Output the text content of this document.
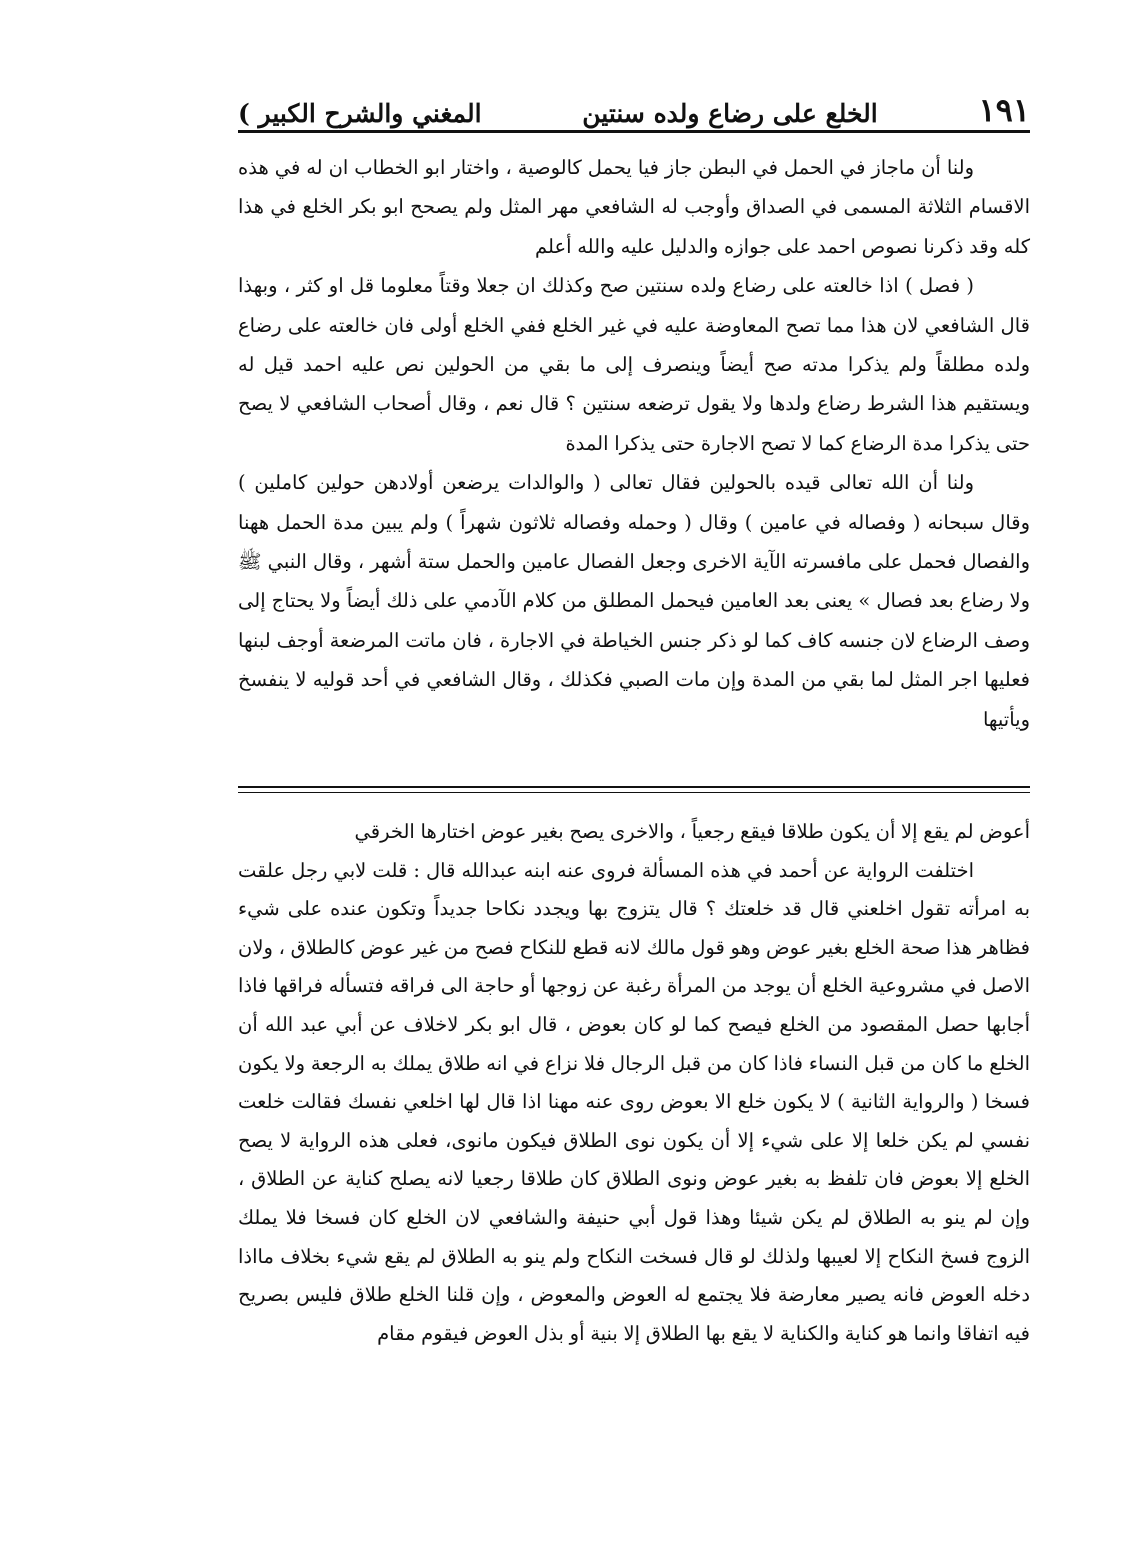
المغني والشرح الكبير )	الخلع على رضاع ولده سنتين	١٩١

ولنا أن ماجاز في الحمل في البطن جاز فيا يحمل كالوصية ، واختار ابو الخطاب ان له في هذه الاقسام الثلاثة المسمى في الصداق وأوجب له الشافعي مهر المثل ولم يصحح ابو بكر الخلع في هذا كله وقد ذكرنا نصوص احمد على جوازه والدليل عليه والله أعلم

( فصل ) اذا خالعته على رضاع ولده سنتين صح وكذلك ان جعلا وقتاً معلوما قل او كثر ، وبهذا قال الشافعي لان هذا مما تصح المعاوضة عليه في غير الخلع ففي الخلع أولى فان خالعته على رضاع ولده مطلقاً ولم يذكرا مدته صح أيضاً وينصرف إلى ما بقي من الحولين نص عليه احمد قيل له ويستقيم هذا الشرط رضاع ولدها ولا يقول ترضعه سنتين ؟ قال نعم ، وقال أصحاب الشافعي لا يصح حتى يذكرا مدة الرضاع كما لا تصح الاجارة حتى يذكرا المدة

ولنا أن الله تعالى قيده بالحولين فقال تعالى ( والوالدات يرضعن أولادهن حولين كاملين ) وقال سبحانه ( وفصاله في عامين ) وقال ( وحمله وفصاله ثلاثون شهراً ) ولم يبين مدة الحمل ههنا والفصال فحمل على مافسرته الآية الاخرى وجعل الفصال عامين والحمل ستة أشهر ، وقال النبي ﷺ ولا رضاع بعد فصال » يعنى بعد العامين فيحمل المطلق من كلام الآدمي على ذلك أيضاً ولا يحتاج إلى وصف الرضاع لان جنسه كاف كما لو ذكر جنس الخياطة في الاجارة ، فان ماتت المرضعة أوجف لبنها فعليها اجر المثل لما بقي من المدة وإن مات الصبي فكذلك ، وقال الشافعي في أحد قوليه لا ينفسخ ويأتيها

أعوض لم يقع إلا أن يكون طلاقا فيقع رجعياً ، والاخرى يصح بغير عوض اختارها الخرقي

اختلفت الرواية عن أحمد في هذه المسألة فروى عنه ابنه عبدالله قال : قلت لابي رجل علقت به امرأته تقول اخلعني قال قد خلعتك ؟ قال يتزوج بها ويجدد نكاحا جديداً وتكون عنده على شيء فظاهر هذا صحة الخلع بغير عوض وهو قول مالك لانه قطع للنكاح فصح من غير عوض كالطلاق ، ولان الاصل في مشروعية الخلع أن يوجد من المرأة رغبة عن زوجها أو حاجة الى فراقه فتسأله فراقها فاذا أجابها حصل المقصود من الخلع فيصح كما لو كان بعوض ، قال ابو بكر لاخلاف عن أبي عبد الله أن الخلع ما كان من قبل النساء فاذا كان من قبل الرجال فلا نزاع في انه طلاق يملك به الرجعة ولا يكون فسخا ( والرواية الثانية ) لا يكون خلع الا بعوض روى عنه مهنا اذا قال لها اخلعي نفسك فقالت خلعت نفسي لم يكن خلعا إلا على شيء إلا أن يكون نوى الطلاق فيكون مانوى، فعلى هذه الرواية لا يصح الخلع إلا بعوض فان تلفظ به بغير عوض ونوى الطلاق كان طلاقا رجعيا لانه يصلح كناية عن الطلاق ، وإن لم ينو به الطلاق لم يكن شيئا وهذا قول أبي حنيفة والشافعي لان الخلع كان فسخا فلا يملك الزوج فسخ النكاح إلا لعيبها ولذلك لو قال فسخت النكاح ولم ينو به الطلاق لم يقع شيء بخلاف مااذا دخله العوض فانه يصير معارضة فلا يجتمع له العوض والمعوض ، وإن قلنا الخلع طلاق فليس بصريح فيه اتفاقا وانما هو كناية والكناية لا يقع بها الطلاق إلا بنية أو بذل العوض فيقوم مقام
